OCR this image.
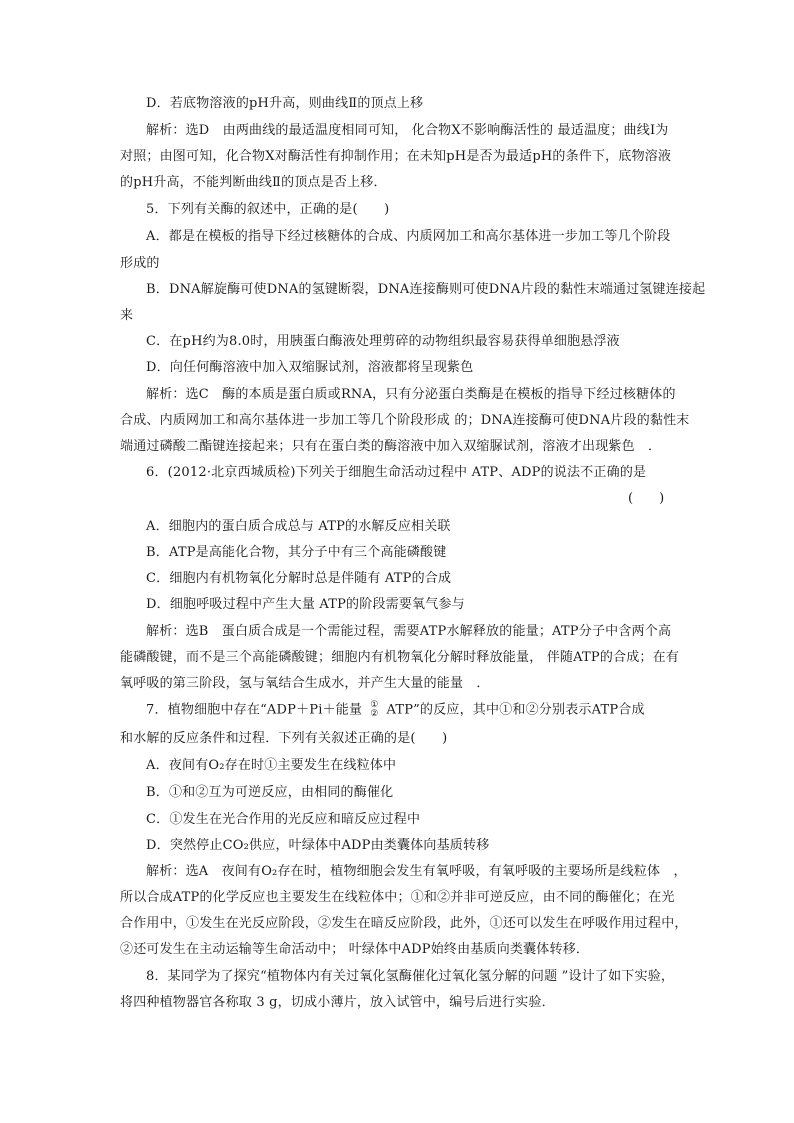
D．若底物溶液的pH升高，则曲线Ⅱ的顶点上移
解析：选D　由两曲线的最适温度相同可知， 化合物X不影响酶活性的 最适温度；曲线Ⅰ为
对照；由图可知，化合物X对酶活性有抑制作用；在未知pH是否为最适pH的条件下，底物溶液
的pH升高，不能判断曲线Ⅱ的顶点是否上移．
5．下列有关酶的叙述中，正确的是(　　)
A．都是在模板的指导下经过核糖体的合成、内质网加工和高尔基体进一步加工等几个阶段
形成的
B．DNA解旋酶可使DNA的氢键断裂，DNA连接酶则可使DNA片段的黏性末端通过氢键连接起
来
C．在pH约为8.0时，用胰蛋白酶液处理剪碎的动物组织最容易获得单细胞悬浮液
D．向任何酶溶液中加入双缩脲试剂，溶液都将呈现紫色
解析：选C　酶的本质是蛋白质或RNA，只有分泌蛋白类酶是在模板的指导下经过核糖体的
合成、内质网加工和高尔基体进一步加工等几个阶段形成 的；DNA连接酶可使DNA片段的黏性末
端通过磷酸二酯键连接起来；只有在蛋白类的酶溶液中加入双缩脲试剂，溶液才出现紫色　．
6．(2012·北京西城质检)下列关于细胞生命活动过程中 ATP、ADP的说法不正确的是
A．细胞内的蛋白质合成总与 ATP的水解反应相关联
B．ATP是高能化合物，其分子中有三个高能磷酸键
C．细胞内有机物氧化分解时总是伴随有 ATP的合成
D．细胞呼吸过程中产生大量 ATP的阶段需要氧气参与
解析：选B　蛋白质合成是一个需能过程，需要ATP水解释放的能量；ATP分子中含两个高
能磷酸键，而不是三个高能磷酸键；细胞内有机物氧化分解时释放能量， 伴随ATP的合成；在有
氧呼吸的第三阶段，氢与氧结合生成水，并产生大量的能量　．
和水解的反应条件和过程．下列有关叙述正确的是(　　)
A．夜间有O₂存在时①主要发生在线粒体中
B．①和②互为可逆反应，由相同的酶催化
C．①发生在光合作用的光反应和暗反应过程中
D．突然停止CO₂供应，叶绿体中ADP由类囊体向基质转移
解析：选A　夜间有O₂存在时，植物细胞会发生有氧呼吸，有氧呼吸的主要场所是线粒体　，
所以合成ATP的化学反应也主要发生在线粒体中；①和②并非可逆反应，由不同的酶催化；在光
合作用中，①发生在光反应阶段，②发生在暗反应阶段，此外，①还可以发生在呼吸作用过程中，
②还可发生在主动运输等生命活动中； 叶绿体中ADP始终由基质向类囊体转移．
8．某同学为了探究“植物体内有关过氧化氢酶催化过氧化氢分解的问题 ”设计了如下实验，
将四种植物器官各称取 3 g，切成小薄片，放入试管中，编号后进行实验．
(　　)
7．植物细胞中存在“ADP＋Pi＋能量 ①
② ATP”的反应，其中①和②分别表示ATP合成
